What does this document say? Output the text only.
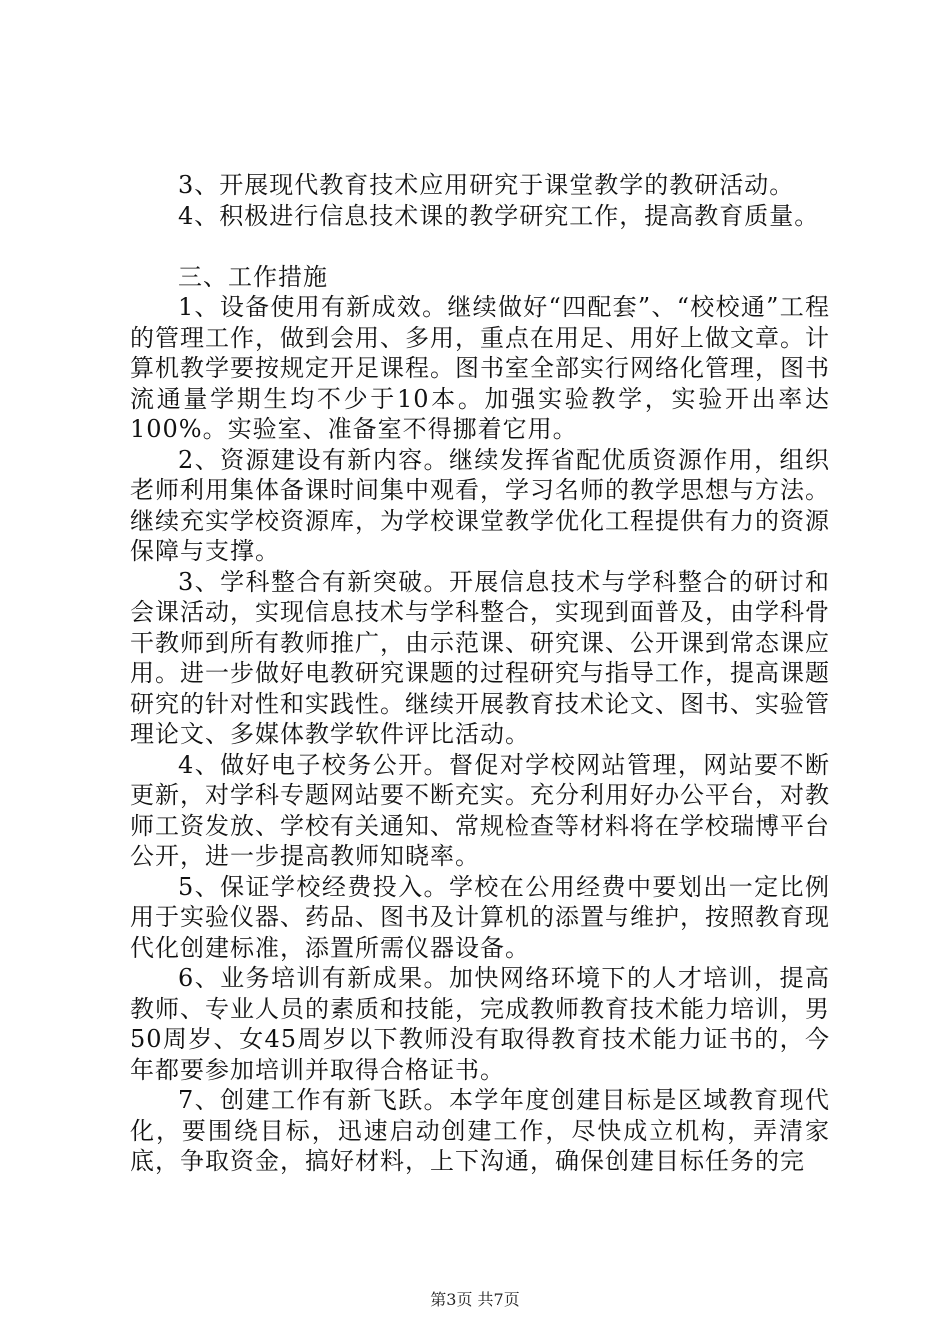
3、开展现代教育技术应用研究于课堂教学的教研活动。

4、积极进行信息技术课的教学研究工作，提高教育质量。

三、工作措施

1、设备使用有新成效。继续做好“四配套”、“校校通”工程的管理工作，做到会用、多用，重点在用足、用好上做文章。计算机教学要按规定开足课程。图书室全部实行网络化管理，图书流通量学期生均不少于10本。加强实验教学，实验开出率达100%。实验室、准备室不得挪着它用。

2、资源建设有新内容。继续发挥省配优质资源作用，组织老师利用集体备课时间集中观看，学习名师的教学思想与方法。继续充实学校资源库，为学校课堂教学优化工程提供有力的资源保障与支撑。

3、学科整合有新突破。开展信息技术与学科整合的研讨和会课活动，实现信息技术与学科整合，实现到面普及，由学科骨干教师到所有教师推广，由示范课、研究课、公开课到常态课应用。进一步做好电教研究课题的过程研究与指导工作，提高课题研究的针对性和实践性。继续开展教育技术论文、图书、实验管理论文、多媒体教学软件评比活动。

4、做好电子校务公开。督促对学校网站管理，网站要不断更新，对学科专题网站要不断充实。充分利用好办公平台，对教师工资发放、学校有关通知、常规检查等材料将在学校瑞博平台公开，进一步提高教师知晓率。

5、保证学校经费投入。学校在公用经费中要划出一定比例用于实验仪器、药品、图书及计算机的添置与维护，按照教育现代化创建标准，添置所需仪器设备。

6、业务培训有新成果。加快网络环境下的人才培训，提高教师、专业人员的素质和技能，完成教师教育技术能力培训，男50周岁、女45周岁以下教师没有取得教育技术能力证书的，今年都要参加培训并取得合格证书。

7、创建工作有新飞跃。本学年度创建目标是区域教育现代化，要围绕目标，迅速启动创建工作，尽快成立机构，弄清家底，争取资金，搞好材料，上下沟通，确保创建目标任务的完

第3页 共7页
